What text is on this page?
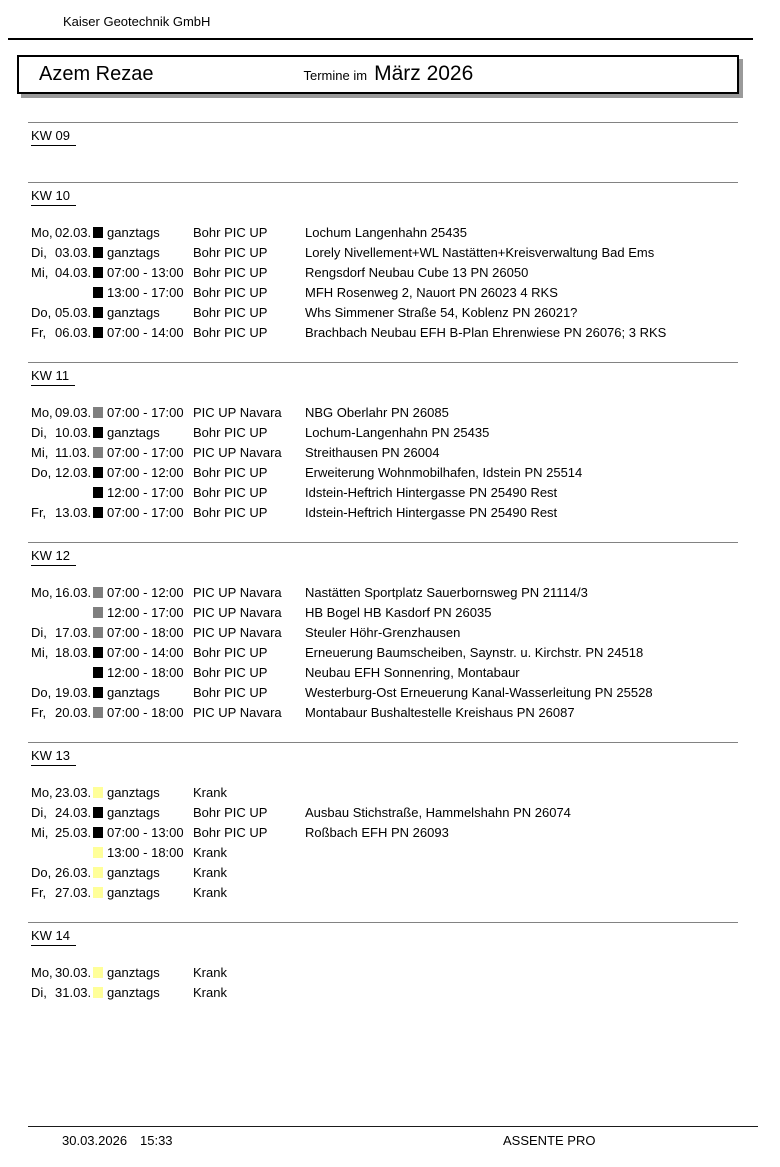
Kaiser Geotechnik GmbH
Azem Rezae	Termine im März 2026
KW 09
KW 10
Mo, 02.03. ganztags	Bohr PIC UP	Lochum Langenhahn 25435
Di, 03.03. ganztags	Bohr PIC UP	Lorely Nivellement+WL Nastätten+Kreisverwaltung Bad Ems
Mi, 04.03. 07:00 - 13:00 Bohr PIC UP	Rengsdorf Neubau Cube 13 PN 26050
13:00 - 17:00 Bohr PIC UP	MFH Rosenweg 2, Nauort PN 26023 4 RKS
Do, 05.03. ganztags	Bohr PIC UP	Whs Simmener Straße 54, Koblenz PN 26021?
Fr, 06.03. 07:00 - 14:00 Bohr PIC UP	Brachbach Neubau EFH B-Plan Ehrenwiese PN 26076; 3 RKS
KW 11
Mo, 09.03. 07:00 - 17:00 PIC UP Navara	NBG Oberlahr PN 26085
Di, 10.03. ganztags	Bohr PIC UP	Lochum-Langenhahn PN 25435
Mi, 11.03. 07:00 - 17:00 PIC UP Navara	Streithausen PN 26004
Do, 12.03. 07:00 - 12:00 Bohr PIC UP	Erweiterung Wohnmobilhafen, Idstein PN 25514
12:00 - 17:00 Bohr PIC UP	Idstein-Heftrich Hintergasse PN 25490 Rest
Fr, 13.03. 07:00 - 17:00 Bohr PIC UP	Idstein-Heftrich Hintergasse PN 25490 Rest
KW 12
Mo, 16.03. 07:00 - 12:00 PIC UP Navara	Nastätten Sportplatz Sauerbornsweg PN 21114/3
12:00 - 17:00 PIC UP Navara	HB Bogel HB Kasdorf PN 26035
Di, 17.03. 07:00 - 18:00 PIC UP Navara	Steuler Höhr-Grenzhausen
Mi, 18.03. 07:00 - 14:00 Bohr PIC UP	Erneuerung Baumscheiben, Saynstr. u. Kirchstr. PN 24518
12:00 - 18:00 Bohr PIC UP	Neubau EFH Sonnenring, Montabaur
Do, 19.03. ganztags	Bohr PIC UP	Westerburg-Ost Erneuerung Kanal-Wasserleitung PN 25528
Fr, 20.03. 07:00 - 18:00 PIC UP Navara	Montabaur Bushaltestelle Kreishaus PN 26087
KW 13
Mo, 23.03. ganztags	Krank
Di, 24.03. ganztags	Bohr PIC UP	Ausbau Stichstraße, Hammelshahn PN 26074
Mi, 25.03. 07:00 - 13:00 Bohr PIC UP	Roßbach EFH PN 26093
13:00 - 18:00 Krank
Do, 26.03. ganztags	Krank
Fr, 27.03. ganztags	Krank
KW 14
Mo, 30.03. ganztags	Krank
Di, 31.03. ganztags	Krank
30.03.2026 15:33	ASSENTE PRO
